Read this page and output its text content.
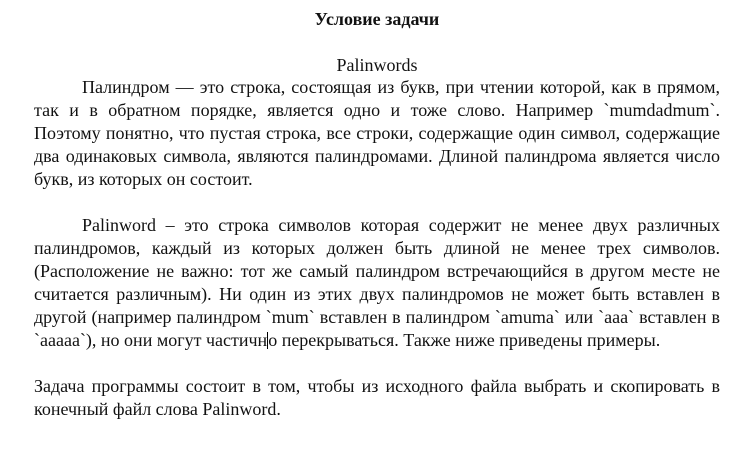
Условие задачи

Palinwords

Палиндром — это строка, состоящая из букв, при чтении которой, как в прямом, так и в обратном порядке, является одно и тоже слово. Например `mumdadmum`. Поэтому понятно, что пустая строка, все строки, содержащие один символ, содержащие два одинаковых символа, являются палиндромами. Длиной палиндрома является число букв, из которых он состоит.

Palinword – это строка символов которая содержит не менее двух различных палиндромов, каждый из которых должен быть длиной не менее трех символов. (Расположение не важно: тот же самый палиндром встречающийся в другом месте не считается различным). Ни один из этих двух палиндромов не может быть вставлен в другой (например палиндром `mum` вставлен в палиндром `amuma` или `aaa` вставлен в `aaaaa`), но они могут частично перекрываться. Также ниже приведены примеры.

Задача программы состоит в том, чтобы из исходного файла выбрать и скопировать в конечный файл слова Palinword.
